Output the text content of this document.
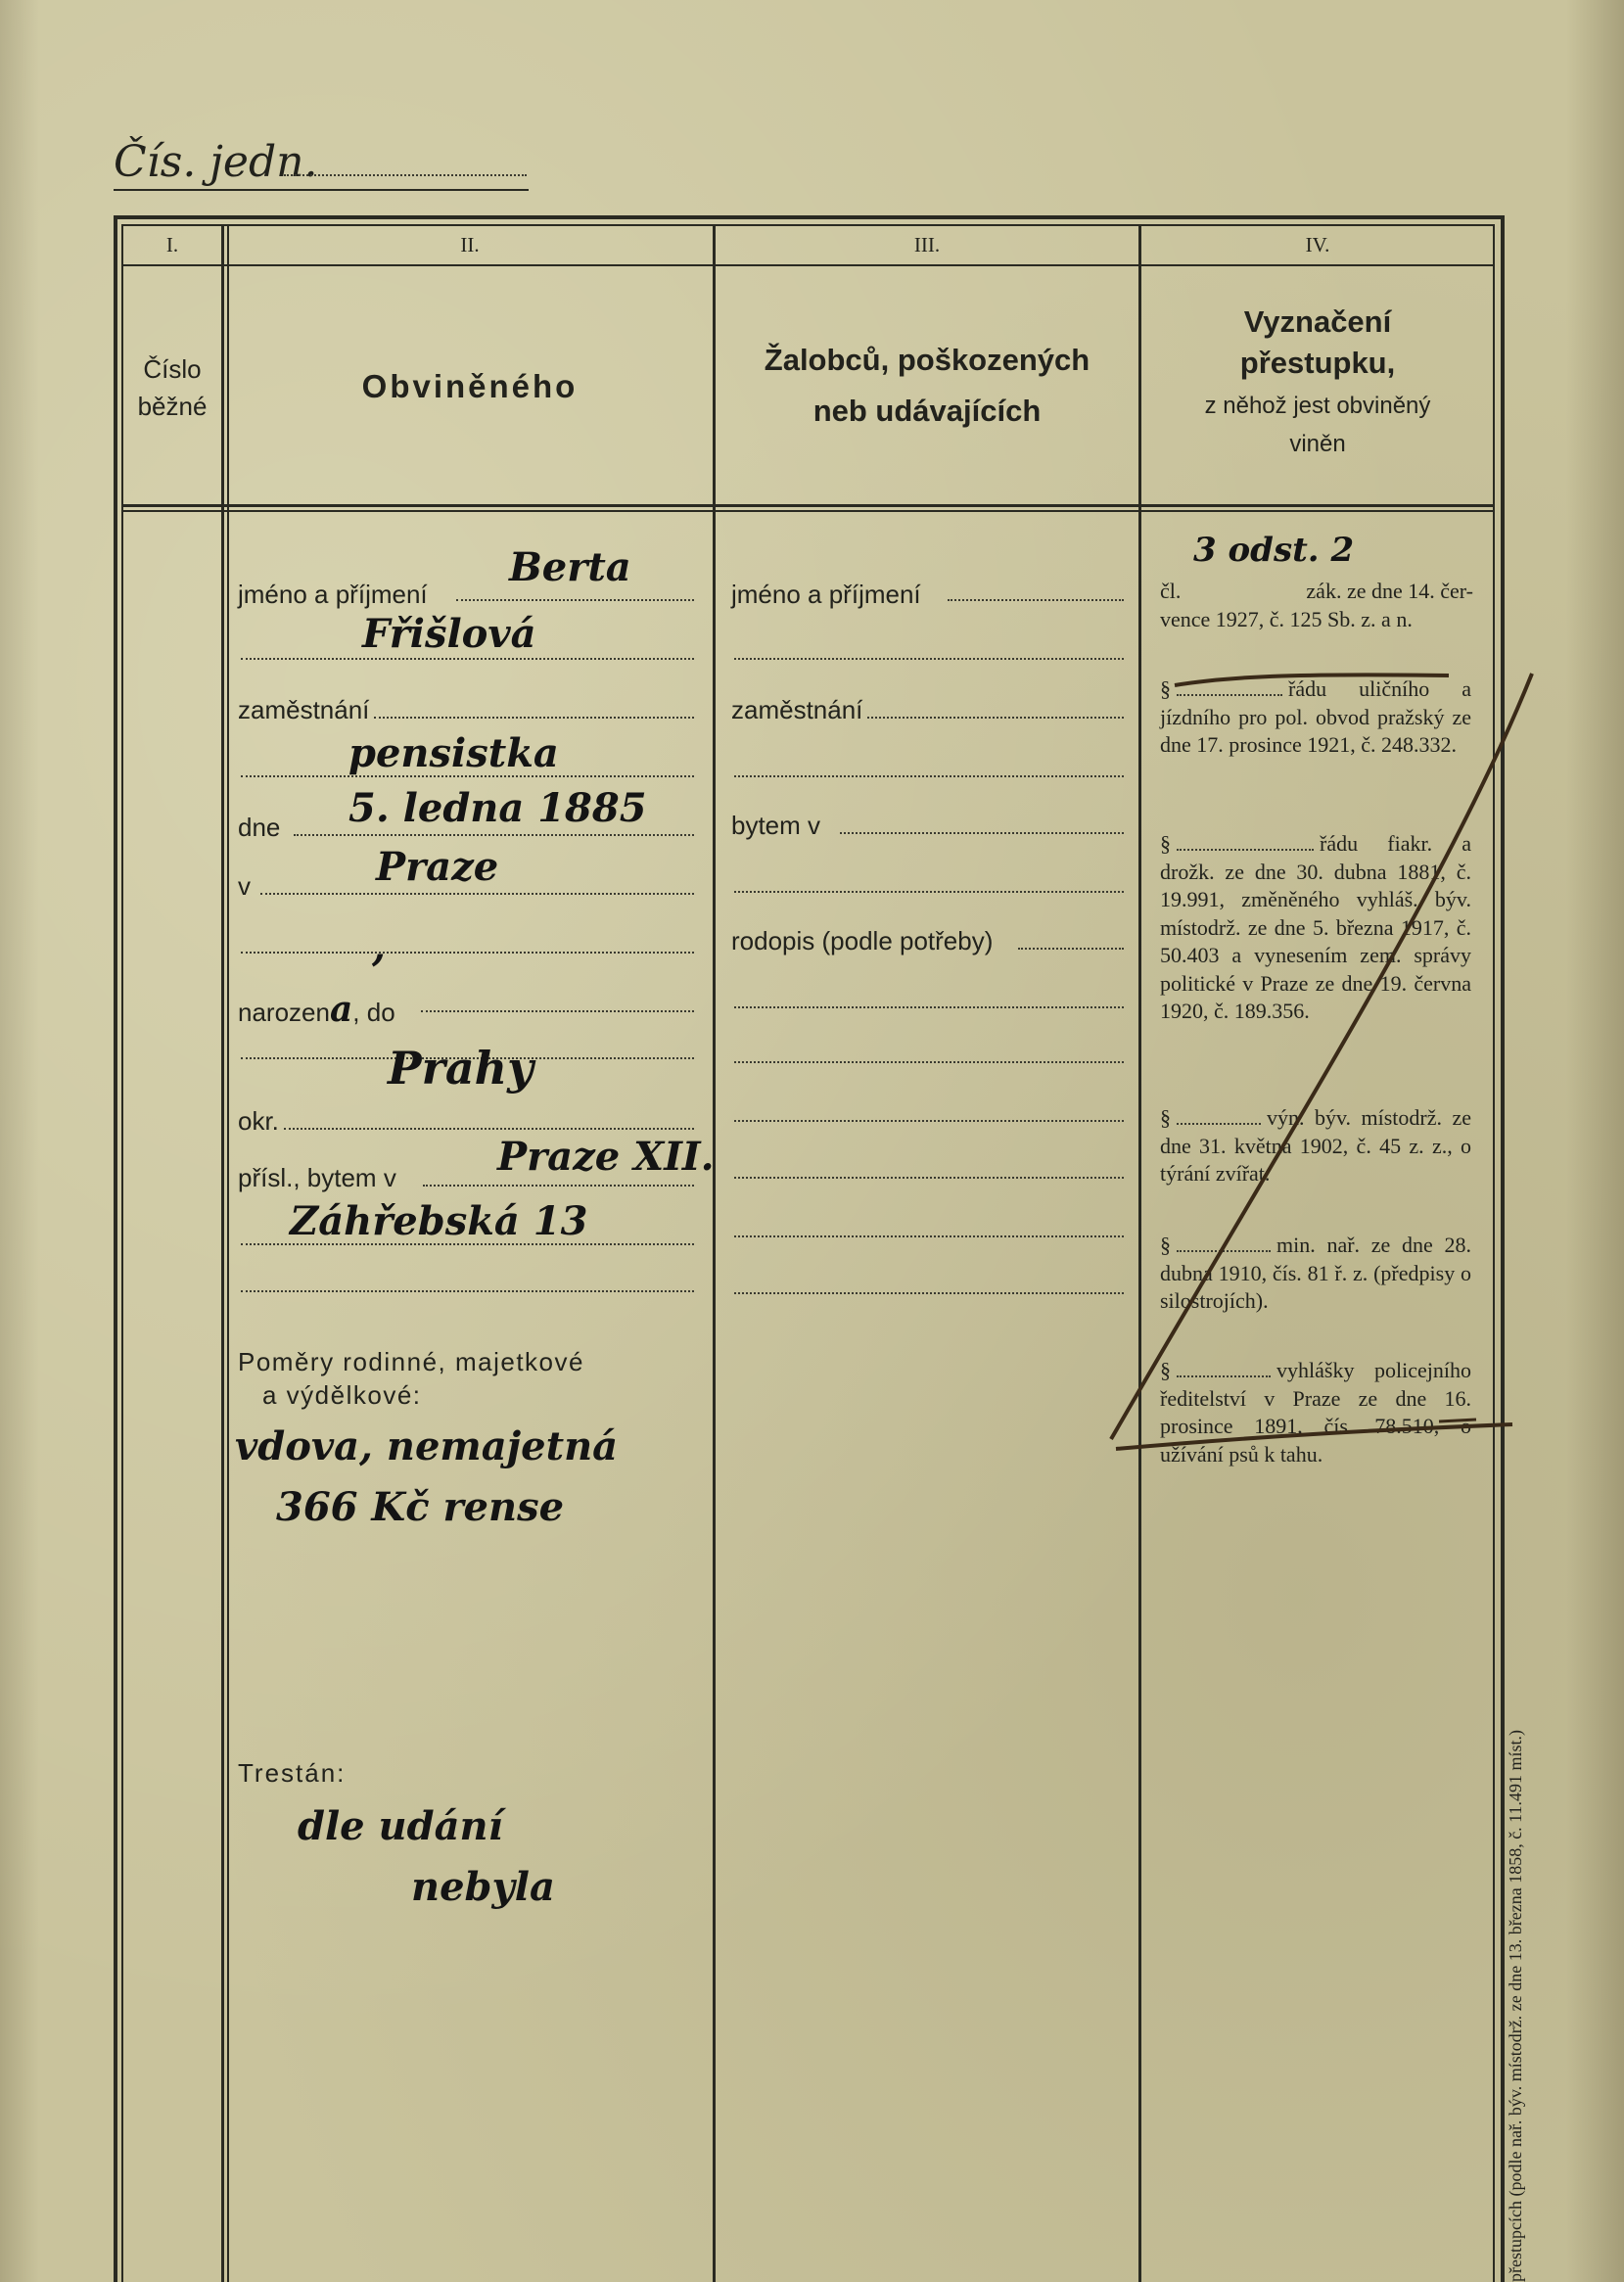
Čís. jedn.
I.	II.	III.	IV.
Číslo
běžné
Obviněného
Žalobců, poškozených
neb udávajících
Vyznačení
přestupku,
z něhož jest obviněný
viněn
jméno a příjmení
Berta
Fřišlová
zaměstnání
pensistka
dne 5. ledna 1885
v	Praze
,
narozena, do
Prahy
okr.
přísl., bytem v	Praze XII.
Záhřebská 13
Poměry rodinné, majetkové
a výdělkové:
vdova, nemajetná
366 Kč rense
Trestán:
dle udání
nebyla
jméno a příjmení
zaměstnání
bytem v
rodopis (podle potřeby)
čl.
3 odst. 2
zák. ze dne 14. čer-
vence 1927, č. 125 Sb. z. a n.
§	řádu uličního a jízdního pro pol. obvod pražský ze dne 17. prosince 1921, č. 248.332.
§	řádu fiakr. a drožk. ze dne 30. dubna 1881, č. 19.991, změněného vyhláš. býv. místodrž. ze dne 5. března 1917, č. 50.403 a vynesením zem. správy politické v Praze ze dne 19. června 1920, č. 189.356.
§	výn. býv. místodrž. ze dne 31. května 1902, č. 45 z. z., o týrání zvířat.
§	min. nař. ze dne 28. dubna 1910, čís. 81 ř. z. (předpisy o silostrojích).
§	vyhlášky policejního ředitelství v Praze ze dne 16. prosince 1891, čís. 78.510, o užívání psů k tahu.
přestupcích (podle nař. býv. místodrž. ze dne 13. března 1858, č. 11.491 míst.)
